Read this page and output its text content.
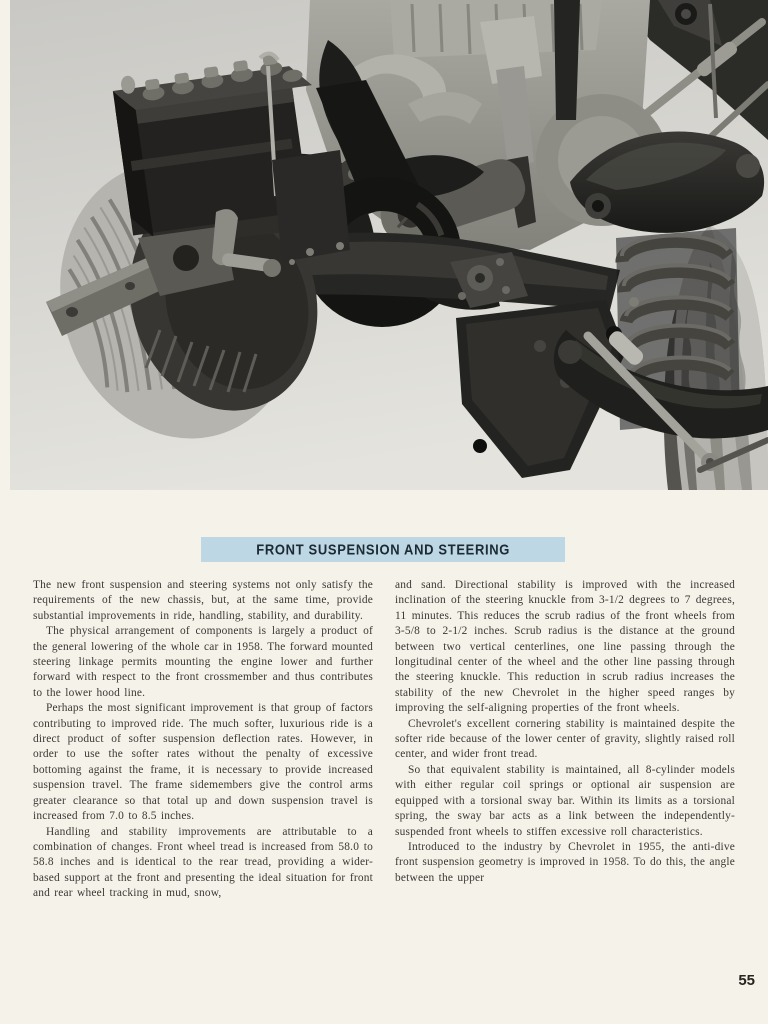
FRONT SUSPENSION AND STEERING

The new front suspension and steering systems not only satisfy the requirements of the new chassis, but, at the same time, provide substantial improvements in ride, handling, stability, and durability.

The physical arrangement of components is largely a product of the general lowering of the whole car in 1958. The forward mounted steering linkage permits mounting the engine lower and further forward with respect to the front crossmember and thus contributes to the lower hood line.

Perhaps the most significant improvement is that group of factors contributing to improved ride. The much softer, luxurious ride is a direct product of softer suspension deflection rates. However, in order to use the softer rates without the penalty of excessive bottoming against the frame, it is necessary to provide increased suspension travel. The frame sidemembers give the control arms greater clearance so that total up and down suspension travel is increased from 7.0 to 8.5 inches.

Handling and stability improvements are attributable to a combination of changes. Front wheel tread is increased from 58.0 to 58.8 inches and is identical to the rear tread, providing a wider-based support at the front and presenting the ideal situation for front and rear wheel tracking in mud, snow,

and sand. Directional stability is improved with the increased inclination of the steering knuckle from 3-1/2 degrees to 7 degrees, 11 minutes. This reduces the scrub radius of the front wheels from 3-5/8 to 2-1/2 inches. Scrub radius is the distance at the ground between two vertical centerlines, one line passing through the longitudinal center of the wheel and the other line passing through the steering knuckle. This reduction in scrub radius increases the stability of the new Chevrolet in the higher speed ranges by improving the self-aligning properties of the front wheels.

Chevrolet's excellent cornering stability is maintained despite the softer ride because of the lower center of gravity, slightly raised roll center, and wider front tread.

So that equivalent stability is maintained, all 8-cylinder models with either regular coil springs or optional air suspension are equipped with a torsional sway bar. Within its limits as a torsional spring, the sway bar acts as a link between the independently-suspended front wheels to stiffen excessive roll characteristics.

Introduced to the industry by Chevrolet in 1955, the anti-dive front suspension geometry is improved in 1958. To do this, the angle between the upper

55
